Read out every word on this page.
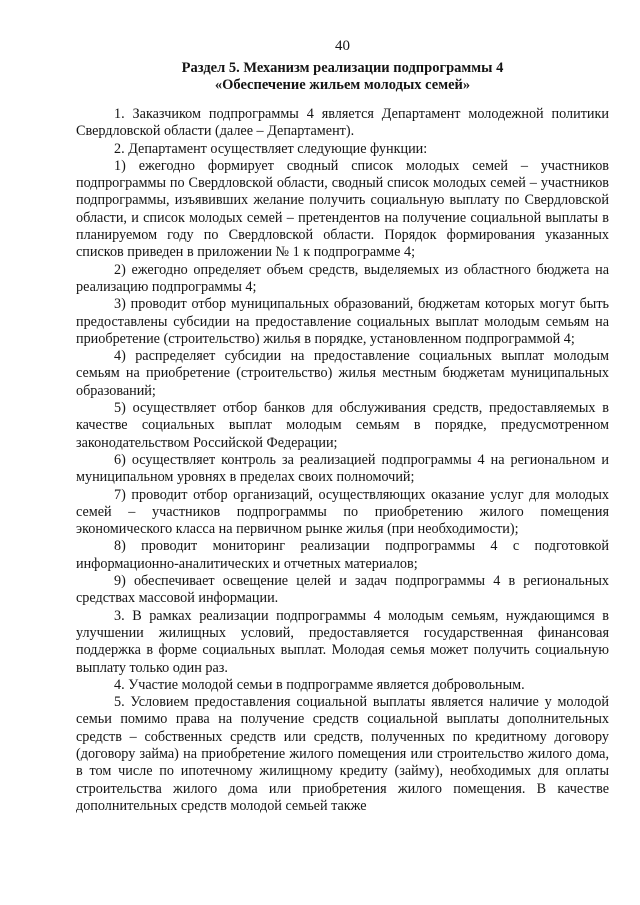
40
Раздел 5. Механизм реализации подпрограммы 4
«Обеспечение жильем молодых семей»

1. Заказчиком подпрограммы 4 является Департамент молодежной политики Свердловской области (далее – Департамент).

2. Департамент осуществляет следующие функции:

1) ежегодно формирует сводный список молодых семей – участников подпрограммы по Свердловской области, сводный список молодых семей – участников подпрограммы, изъявивших желание получить социальную выплату по Свердловской области, и список молодых семей – претендентов на получение социальной выплаты в планируемом году по Свердловской области. Порядок формирования указанных списков приведен в приложении № 1 к подпрограмме 4;

2) ежегодно определяет объем средств, выделяемых из областного бюджета на реализацию подпрограммы 4;

3) проводит отбор муниципальных образований, бюджетам которых могут быть предоставлены субсидии на предоставление социальных выплат молодым семьям на приобретение (строительство) жилья в порядке, установленном подпрограммой 4;

4) распределяет субсидии на предоставление социальных выплат молодым семьям на приобретение (строительство) жилья местным бюджетам муниципальных образований;

5) осуществляет отбор банков для обслуживания средств, предоставляемых в качестве социальных выплат молодым семьям в порядке, предусмотренном законодательством Российской Федерации;

6) осуществляет контроль за реализацией подпрограммы 4 на региональном и муниципальном уровнях в пределах своих полномочий;

7) проводит отбор организаций, осуществляющих оказание услуг для молодых семей – участников подпрограммы по приобретению жилого помещения экономического класса на первичном рынке жилья (при необходимости);

8) проводит мониторинг реализации подпрограммы 4 с подготовкой информационно-аналитических и отчетных материалов;

9) обеспечивает освещение целей и задач подпрограммы 4 в региональных средствах массовой информации.

3. В рамках реализации подпрограммы 4 молодым семьям, нуждающимся в улучшении жилищных условий, предоставляется государственная финансовая поддержка в форме социальных выплат. Молодая семья может получить социальную выплату только один раз.

4. Участие молодой семьи в подпрограмме является добровольным.

5. Условием предоставления социальной выплаты является наличие у молодой семьи помимо права на получение средств социальной выплаты дополнительных средств – собственных средств или средств, полученных по кредитному договору (договору займа) на приобретение жилого помещения или строительство жилого дома, в том числе по ипотечному жилищному кредиту (займу), необходимых для оплаты строительства жилого дома или приобретения жилого помещения. В качестве дополнительных средств молодой семьей также
